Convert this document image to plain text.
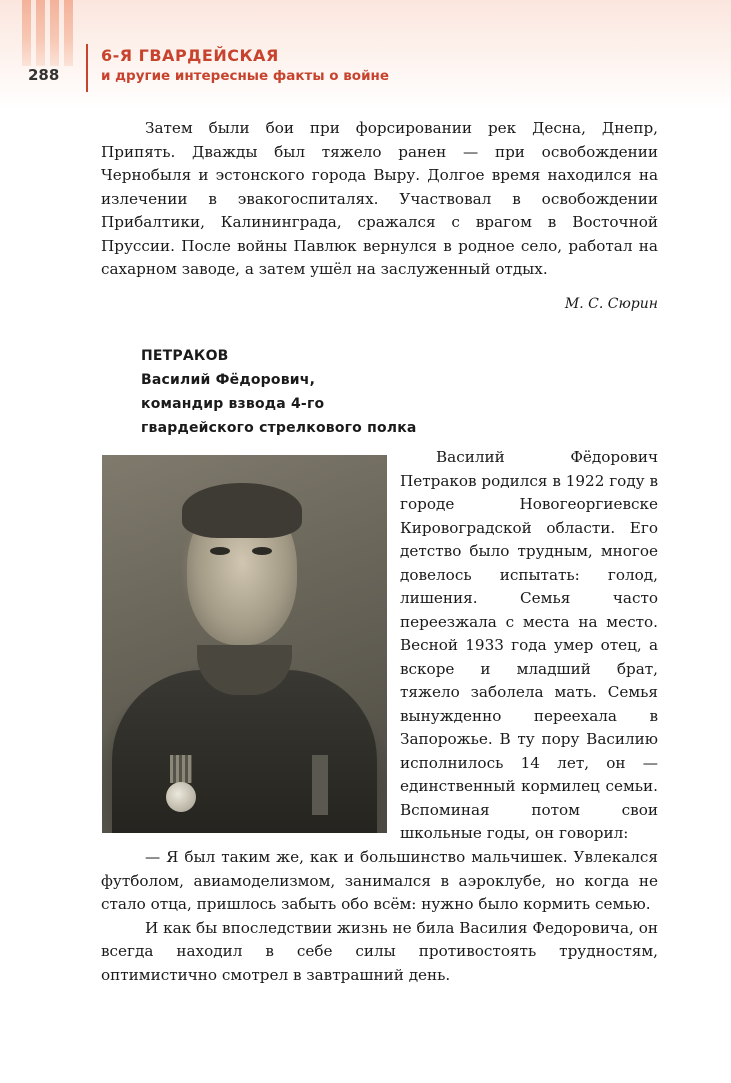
288
6-Я ГВАРДЕЙСКАЯ
и другие интересные факты о войне

Затем были бои при форсировании рек Десна, Днепр, Припять. Дважды был тяжело ранен — при освобождении Чернобыля и эстонского города Выру. Долгое время находился на излечении в эвакогоспиталях. Участвовал в освобождении Прибалтики, Калининграда, сражался с врагом в Восточной Пруссии. После войны Павлюк вернулся в родное село, работал на сахарном заводе, а затем ушёл на заслуженный отдых.

М. С. Сюрин
ПЕТРАКОВ
Василий Фёдорович,
командир взвода 4-го
гвардейского стрелкового полка

Василий Фёдорович Петраков родился в 1922 году в городе Новогеоргиевске Кировоградской области. Его детство было трудным, многое довелось испытать: голод, лишения. Семья часто переезжала с места на место. Весной 1933 года умер отец, а вскоре и младший брат, тяжело заболела мать. Семья вынужденно переехала в Запорожье. В ту пору Василию исполнилось 14 лет, он — единственный кормилец семьи. Вспоминая потом свои школьные годы, он говорил:

— Я был таким же, как и большинство мальчишек. Увлекался футболом, авиамоделизмом, занимался в аэроклубе, но когда не стало отца, пришлось забыть обо всём: нужно было кормить семью.

И как бы впоследствии жизнь не била Василия Федоровича, он всегда находил в себе силы противостоять трудностям, оптимистично смотрел в завтрашний день.
